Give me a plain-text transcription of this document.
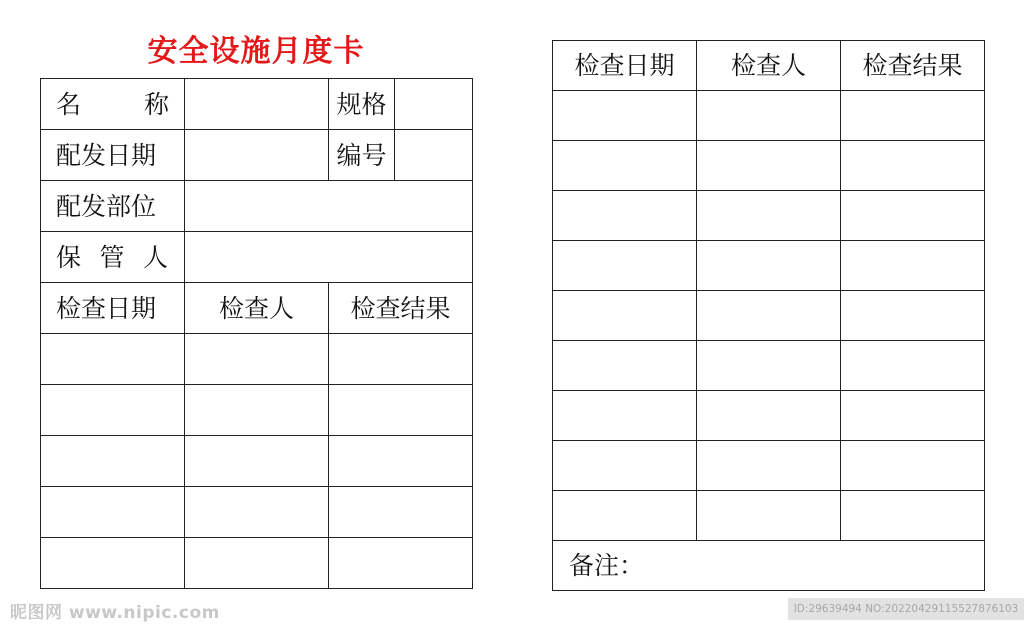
安全设施月度卡
名 称		规格	
配发日期		编号	
配发部位			

保 管 人			

检查日期	检查人	检查结果	

检查日期	检查人	检查结果

备注：		
昵图网 www.nipic.com	ID:29639494 NO:20220429115527876103
